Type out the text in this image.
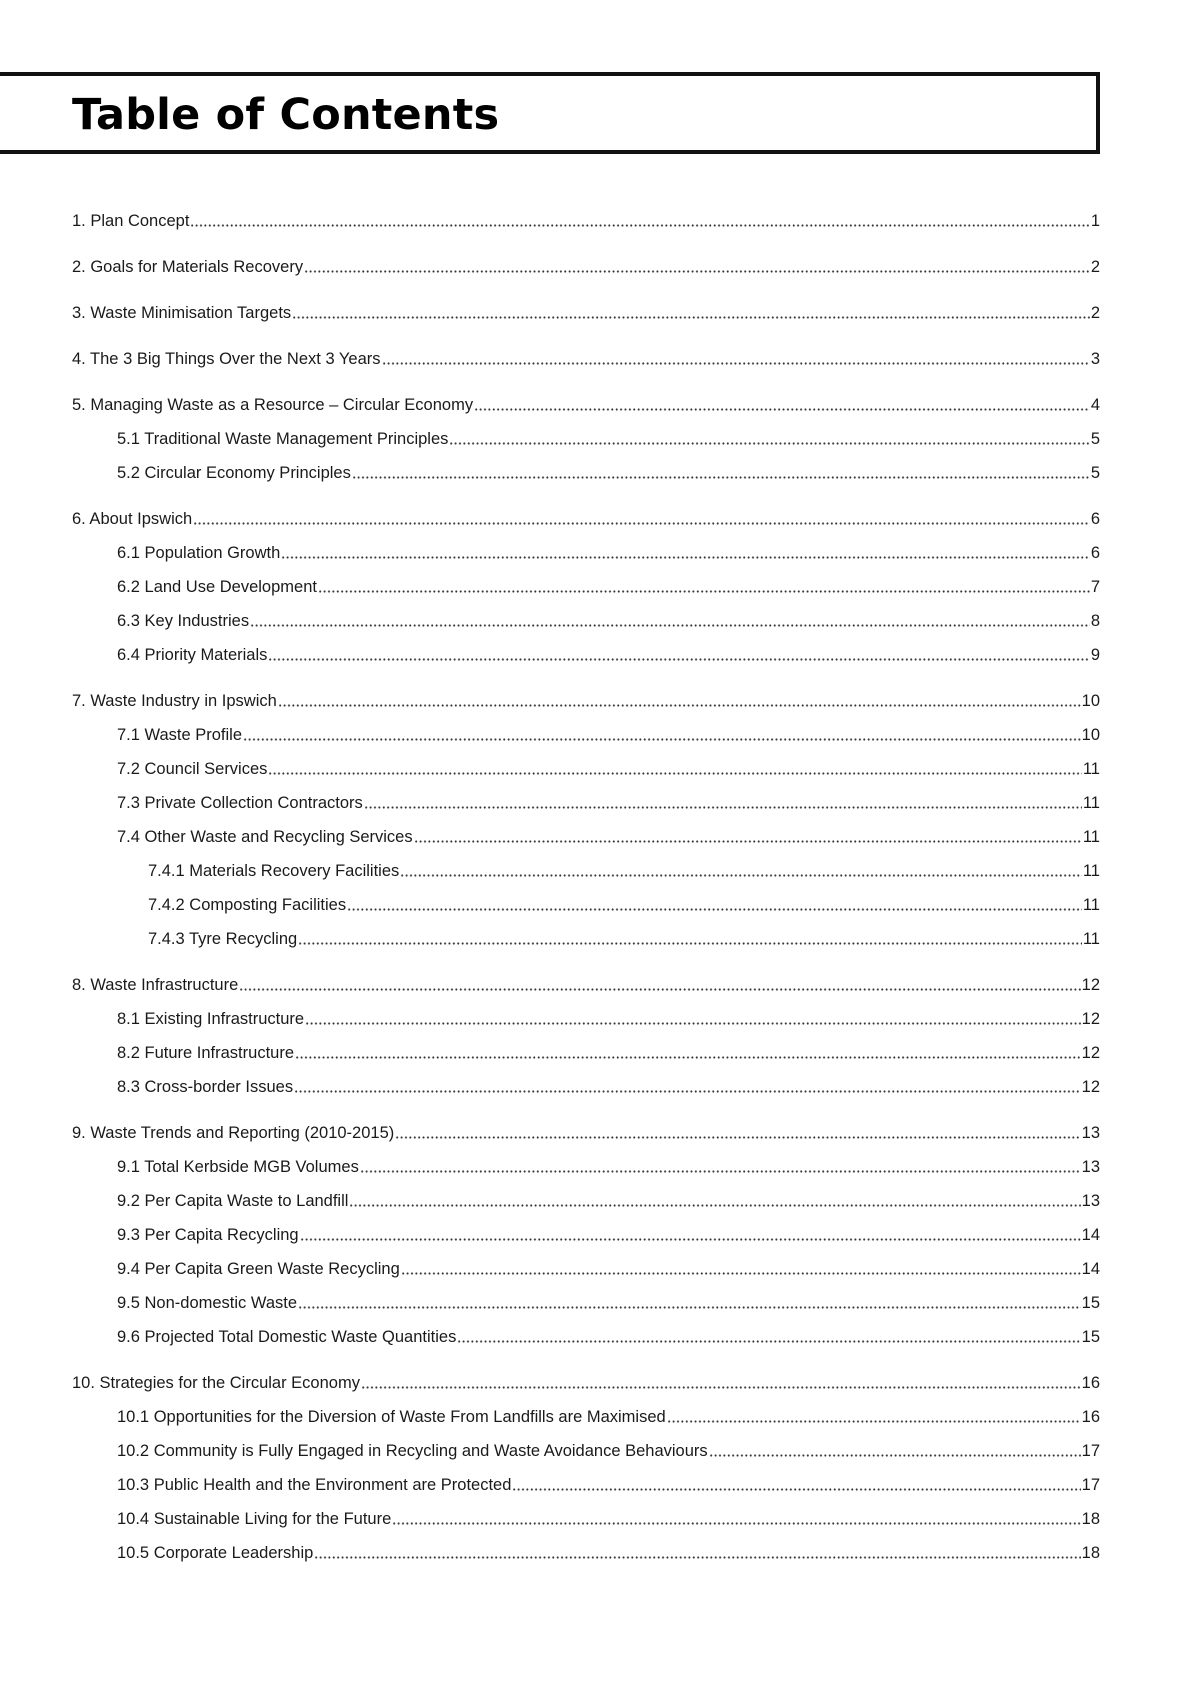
Table of Contents
1. Plan Concept	1
2. Goals for Materials Recovery	2
3. Waste Minimisation Targets	2
4. The 3 Big Things Over the Next 3 Years	3
5. Managing Waste as a Resource – Circular Economy	4
5.1 Traditional Waste Management Principles	5
5.2 Circular Economy Principles	5
6. About Ipswich	6
6.1 Population Growth	6
6.2 Land Use Development	7
6.3 Key Industries	8
6.4 Priority Materials	9
7. Waste Industry in Ipswich	10
7.1 Waste Profile	10
7.2 Council Services	11
7.3 Private Collection Contractors	11
7.4 Other Waste and Recycling Services	11
7.4.1 Materials Recovery Facilities	11
7.4.2 Composting Facilities	11
7.4.3 Tyre Recycling	11
8. Waste Infrastructure	12
8.1 Existing Infrastructure	12
8.2 Future Infrastructure	12
8.3 Cross-border Issues	12
9. Waste Trends and Reporting (2010-2015)	13
9.1 Total Kerbside MGB Volumes	13
9.2 Per Capita Waste to Landfill	13
9.3 Per Capita Recycling	14
9.4 Per Capita Green Waste Recycling	14
9.5 Non-domestic Waste	15
9.6 Projected Total Domestic Waste Quantities	15
10. Strategies for the Circular Economy	16
10.1 Opportunities for the Diversion of Waste From Landfills are Maximised	16
10.2 Community is Fully Engaged in Recycling and Waste Avoidance Behaviours	17
10.3 Public Health and the Environment are Protected	17
10.4 Sustainable Living for the Future	18
10.5 Corporate Leadership	18
